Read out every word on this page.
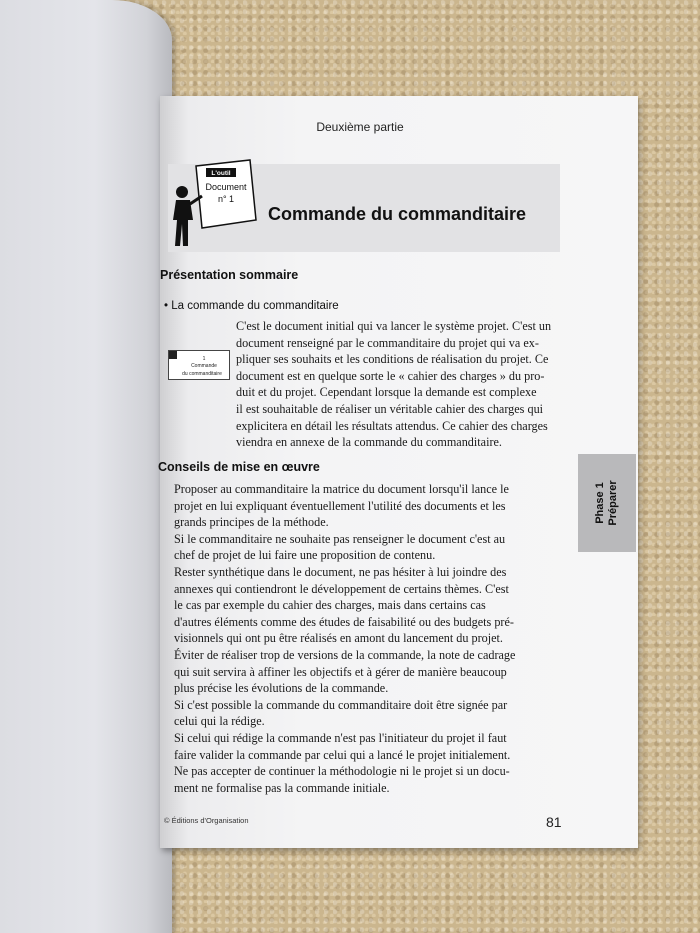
Deuxième partie
L'outil
Document
n° 1
Commande du commanditaire
Présentation sommaire
• La commande du commanditaire
1
Commande
du commanditaire
C'est le document initial qui va lancer le système projet. C'est un
document renseigné par le commanditaire du projet qui va ex-
pliquer ses souhaits et les conditions de réalisation du projet. Ce
document est en quelque sorte le « cahier des charges » du pro-
duit et du projet. Cependant lorsque la demande est complexe
il est souhaitable de réaliser un véritable cahier des charges qui
explicitera en détail les résultats attendus. Ce cahier des charges
viendra en annexe de la commande du commanditaire.
Conseils de mise en œuvre
Proposer au commanditaire la matrice du document lorsqu'il lance le
projet en lui expliquant éventuellement l'utilité des documents et les
grands principes de la méthode.
Si le commanditaire ne souhaite pas renseigner le document c'est au
chef de projet de lui faire une proposition de contenu.
Rester synthétique dans le document, ne pas hésiter à lui joindre des
annexes qui contiendront le développement de certains thèmes. C'est
le cas par exemple du cahier des charges, mais dans certains cas
d'autres éléments comme des études de faisabilité ou des budgets pré-
visionnels qui ont pu être réalisés en amont du lancement du projet.
Éviter de réaliser trop de versions de la commande, la note de cadrage
qui suit servira à affiner les objectifs et à gérer de manière beaucoup
plus précise les évolutions de la commande.
Si c'est possible la commande du commanditaire doit être signée par
celui qui la rédige.
Si celui qui rédige la commande n'est pas l'initiateur du projet il faut
faire valider la commande par celui qui a lancé le projet initialement.
Ne pas accepter de continuer la méthodologie ni le projet si un docu-
ment ne formalise pas la commande initiale.
Phase 1 Préparer
© Éditions d'Organisation	81
